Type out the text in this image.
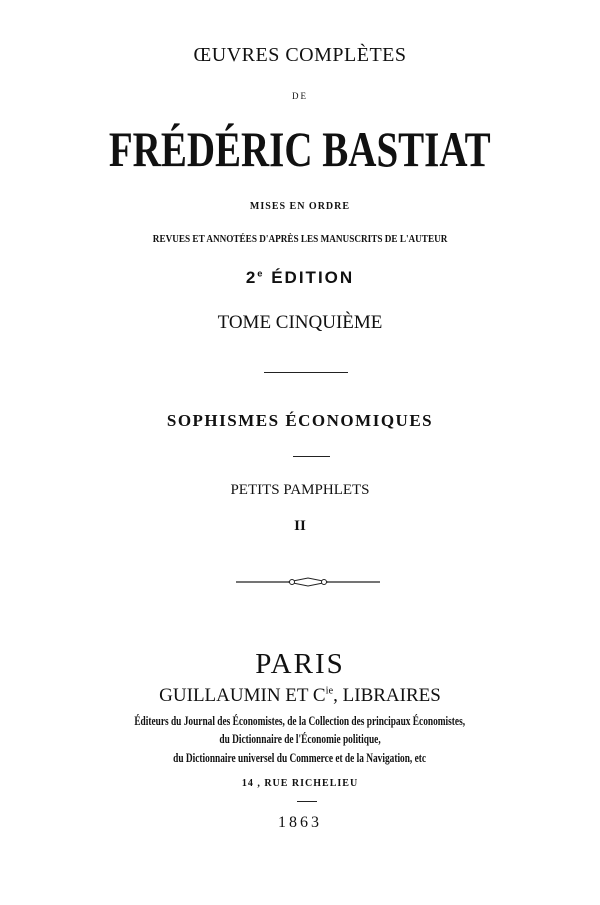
ŒUVRES COMPLÈTES
DE
FRÉDÉRIC BASTIAT
MISES EN ORDRE
REVUES ET ANNOTÉES D'APRÈS LES MANUSCRITS DE L'AUTEUR
2e ÉDITION
TOME CINQUIÈME
SOPHISMES ÉCONOMIQUES
PETITS PAMPHLETS
II
PARIS
GUILLAUMIN ET $C^{ie}$, LIBRAIRES
Éditeurs du Journal des Économistes, de la Collection des principaux Économistes,
du Dictionnaire de l'Économie politique,
du Dictionnaire universel du Commerce et de la Navigation, etc
14 , RUE RICHELIEU
1863
